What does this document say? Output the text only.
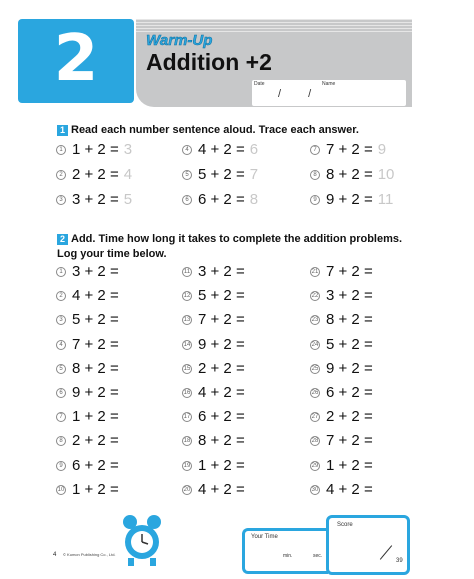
2	Warm-Up
Addition +2
Date	Name
/ /
1 Read each number sentence aloud. Trace each answer.
1 1 + 2 = 3
2 2 + 2 = 4
3 3 + 2 = 5
4 4 + 2 = 6
5 5 + 2 = 7
6 6 + 2 = 8
7 7 + 2 = 9
8 8 + 2 = 10
9 9 + 2 = 11
2 Add. Time how long it takes to complete the addition problems.
Log your time below.
1 3 + 2 =
2 4 + 2 =
3 5 + 2 =
4 7 + 2 =
5 8 + 2 =
6 9 + 2 =
7 1 + 2 =
8 2 + 2 =
9 6 + 2 =
10 1 + 2 =
11 3 + 2 =
12 5 + 2 =
13 7 + 2 =
14 9 + 2 =
15 2 + 2 =
16 4 + 2 =
17 6 + 2 =
18 8 + 2 =
19 1 + 2 =
20 4 + 2 =
21 7 + 2 =
22 3 + 2 =
23 8 + 2 =
24 5 + 2 =
25 9 + 2 =
26 6 + 2 =
27 2 + 2 =
28 7 + 2 =
29 1 + 2 =
30 4 + 2 =
4 © Kumon Publishing Co., Ltd.
Your Time
min.	sec.
Score
39
